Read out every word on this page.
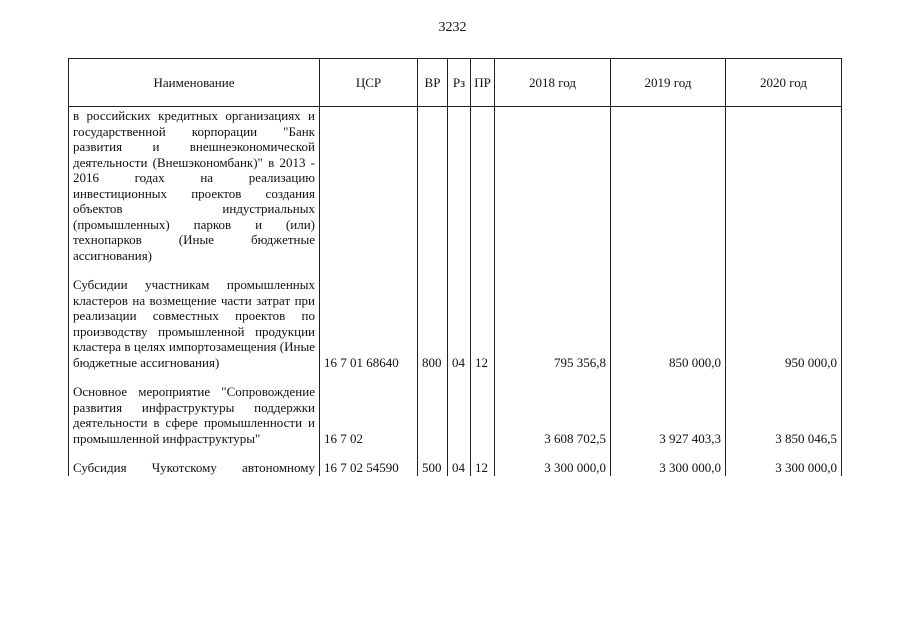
3232
Наименование	ЦСР	ВР	Рз	ПР	2018 год	2019 год	2020 год
в российских кредитных организациях и государственной корпорации "Банк развития и внешнеэкономической деятельности (Внешэкономбанк)" в 2013 - 2016 годах на реализацию инвестиционных проектов создания объектов индустриальных (промышленных) парков и (или) технопарков (Иные бюджетные ассигнования)							

Субсидии участникам промышленных кластеров на возмещение части затрат при реализации совместных проектов по производству промышленной продукции кластера в целях импортозамещения (Иные бюджетные ассигнования)	16 7 01 68640	800	04	12	795 356,8	850 000,0	950 000,0

Основное мероприятие "Сопровождение развития инфраструктуры поддержки деятельности в сфере промышленности и промышленной инфраструктуры"	16 7 02				3 608 702,5	3 927 403,3	3 850 046,5

Субсидия Чукотскому автономному	16 7 02 54590	500	04	12	3 300 000,0	3 300 000,0	3 300 000,0
